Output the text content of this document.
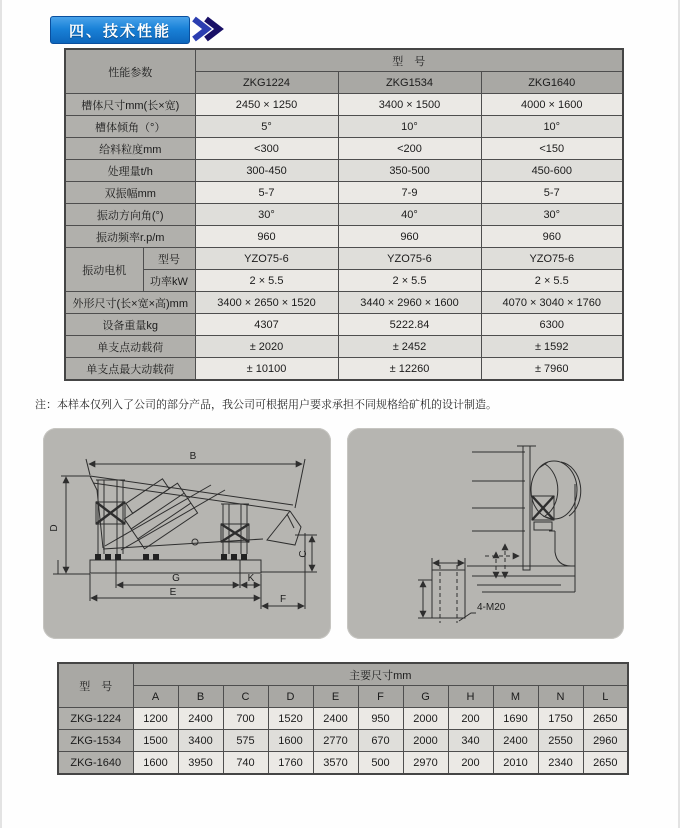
四、技术性能
性能参数		型　号		
		ZKG1224	ZKG1534	ZKG1640
槽体尺寸mm(长×宽)		2450 × 1250	3400 × 1500	4000 × 1600
槽体倾角（°）		5°	10°	10°
给料粒度mm		<300	<200	<150
处理量t/h		300-450	350-500	450-600
双振幅mm		5-7	7-9	5-7
振动方向角(°)		30°	40°	30°
振动频率r.p/m		960	960	960
振动电机	型号	YZO75-6	YZO75-6	YZO75-6
	功率kW	2 × 5.5	2 × 5.5	2 × 5.5
外形尺寸(长×宽×高)mm		3400 × 2650 × 1520	3440 × 2960 × 1600	4070 × 3040 × 1760
设备重量kg		4307	5222.84	6300
单支点动载荷		± 2020	± 2452	± 1592
单支点最大动载荷		± 10100	± 12260	± 7960
注：本样本仅列入了公司的部分产品，我公司可根据用户要求承担不同规格给矿机的设计制造。
B
D
G	K
E
F
C
4-M20
型　号	主要尺寸mm										
	A	B	C	D	E	F	G	H	M	N	L
ZKG-1224	1200	2400	700	1520	2400	950	2000	200	1690	1750	2650
ZKG-1534	1500	3400	575	1600	2770	670	2000	340	2400	2550	2960
ZKG-1640	1600	3950	740	1760	3570	500	2970	200	2010	2340	2650
